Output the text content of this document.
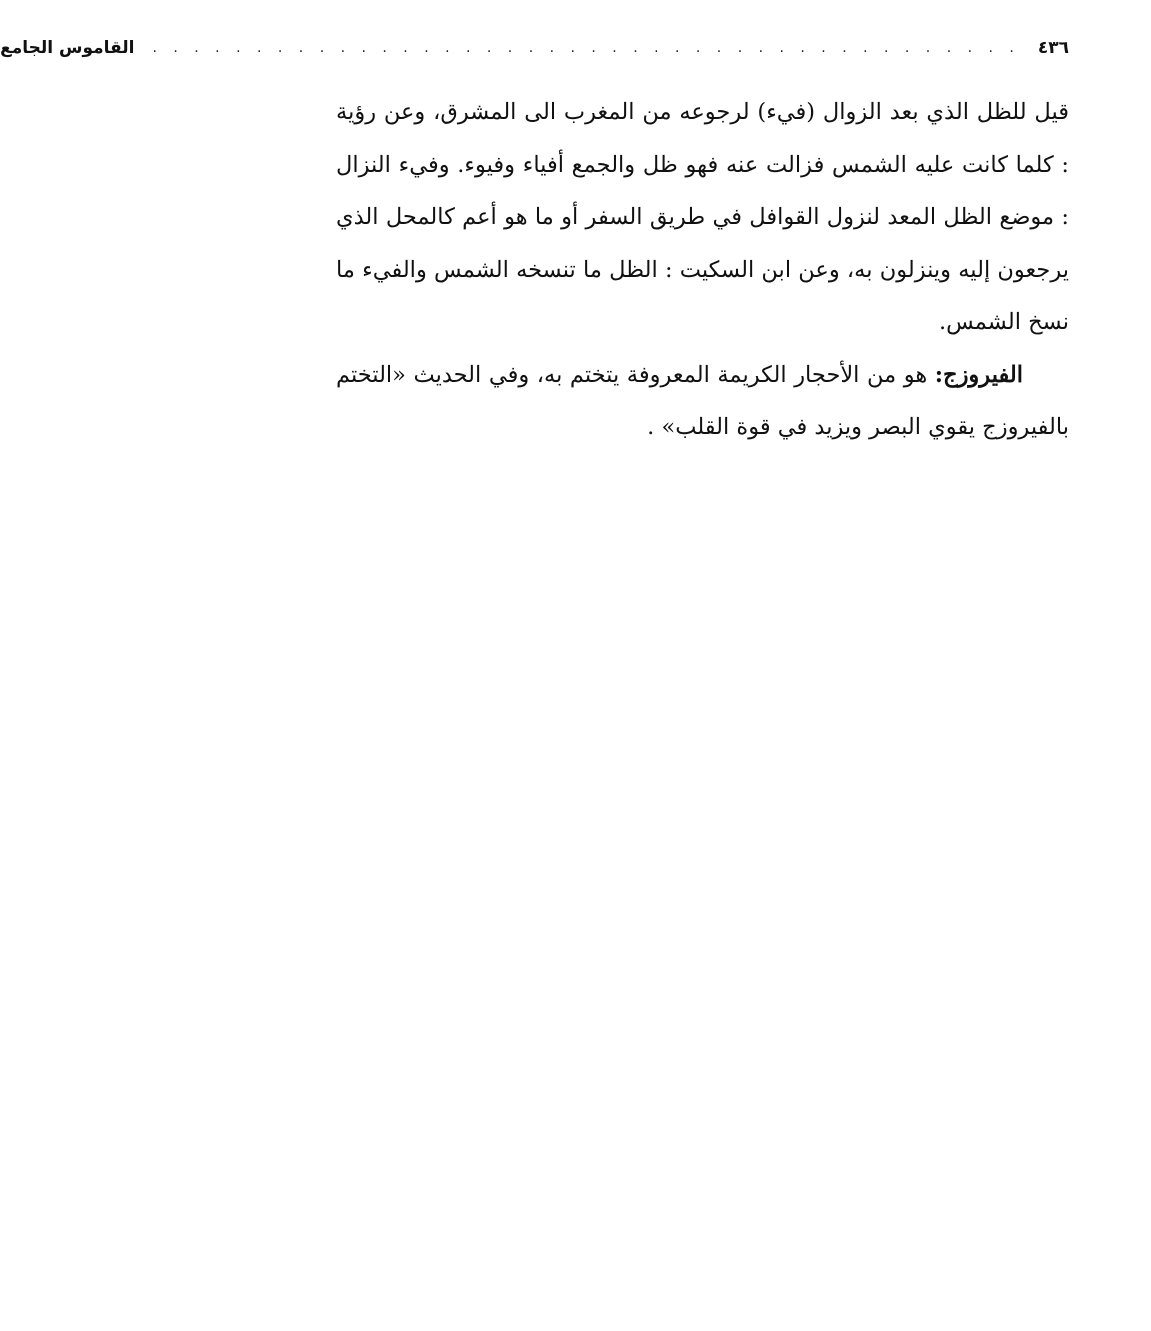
٤٣٦
. . . . . . . . . . . . . . . . . . . . . . . . . . . . . . . . . . . . . . . . . .
القاموس الجامع

قيل للظل الذي بعد الزوال (فيء) لرجوعه من المغرب الى المشرق، وعن رؤية : كلما كانت عليه الشمس فزالت عنه فهو ظل والجمع أفياء وفيوء. وفيء النزال : موضع الظل المعد لنزول القوافل في طريق السفر أو ما هو أعم كالمحل الذي يرجعون إليه وينزلون به، وعن ابن السكيت : الظل ما تنسخه الشمس والفيء ما نسخ الشمس.

الفيروزج: هو من الأحجار الكريمة المعروفة يتختم به، وفي الحديث «التختم بالفيروزج يقوي البصر ويزيد في قوة القلب» .
